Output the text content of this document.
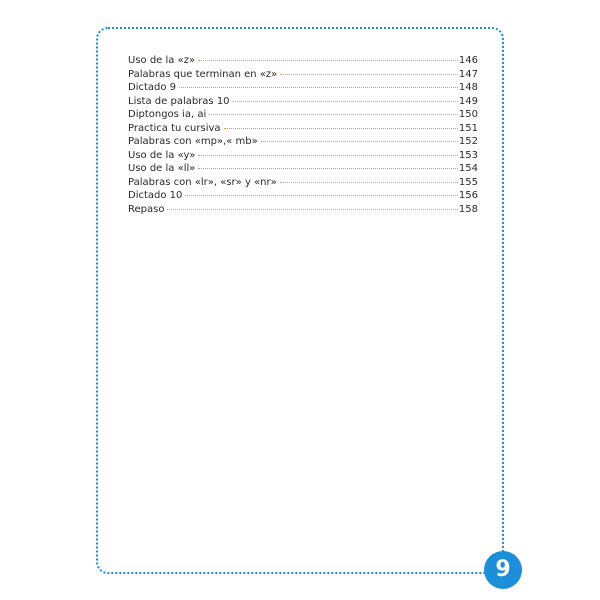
Uso de la «z»	146
Palabras que terminan en «z»	147
Dictado 9	148
Lista de palabras 10	149
Diptongos ia, ai	150
Practica tu cursiva	151
Palabras con «mp»,« mb»	152
Uso de la «y»	153
Uso de la «ll»	154
Palabras con «lr», «sr» y «nr»	155
Dictado 10	156
Repaso	158
9
